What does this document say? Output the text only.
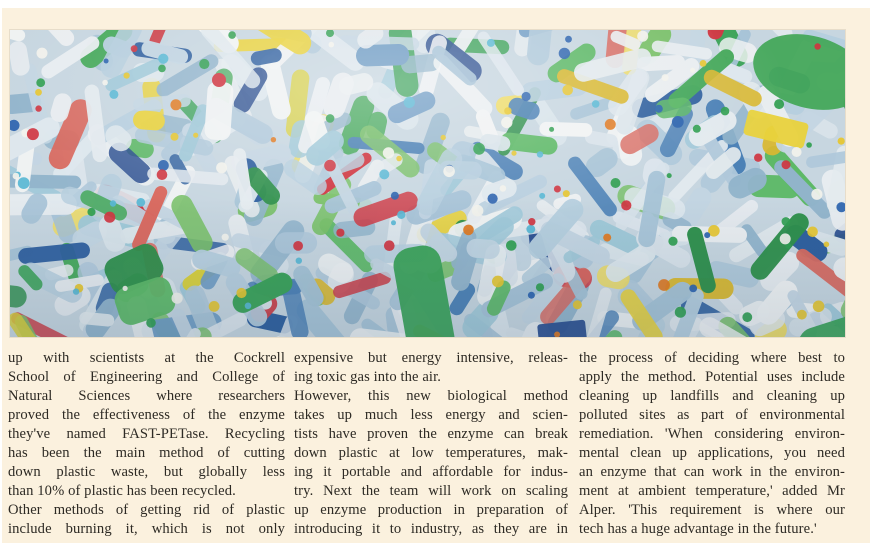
up with scientists at the Cockrell
School of Engineering and College of
Natural Sciences where researchers
proved the effectiveness of the enzyme
they've named FAST-PETase. Recycling
has been the main method of cutting
down plastic waste, but globally less
than 10% of plastic has been recycled.
Other methods of getting rid of plastic
include burning it, which is not only
expensive but energy intensive, releas-
ing toxic gas into the air.
However, this new biological method
takes up much less energy and scien-
tists have proven the enzyme can break
down plastic at low temperatures, mak-
ing it portable and affordable for indus-
try. Next the team will work on scaling
up enzyme production in preparation of
introducing it to industry, as they are in
the process of deciding where best to
apply the method. Potential uses include
cleaning up landfills and cleaning up
polluted sites as part of environmental
remediation. 'When considering environ-
mental clean up applications, you need
an enzyme that can work in the environ-
ment at ambient temperature,' added Mr
Alper. 'This requirement is where our
tech has a huge advantage in the future.'
